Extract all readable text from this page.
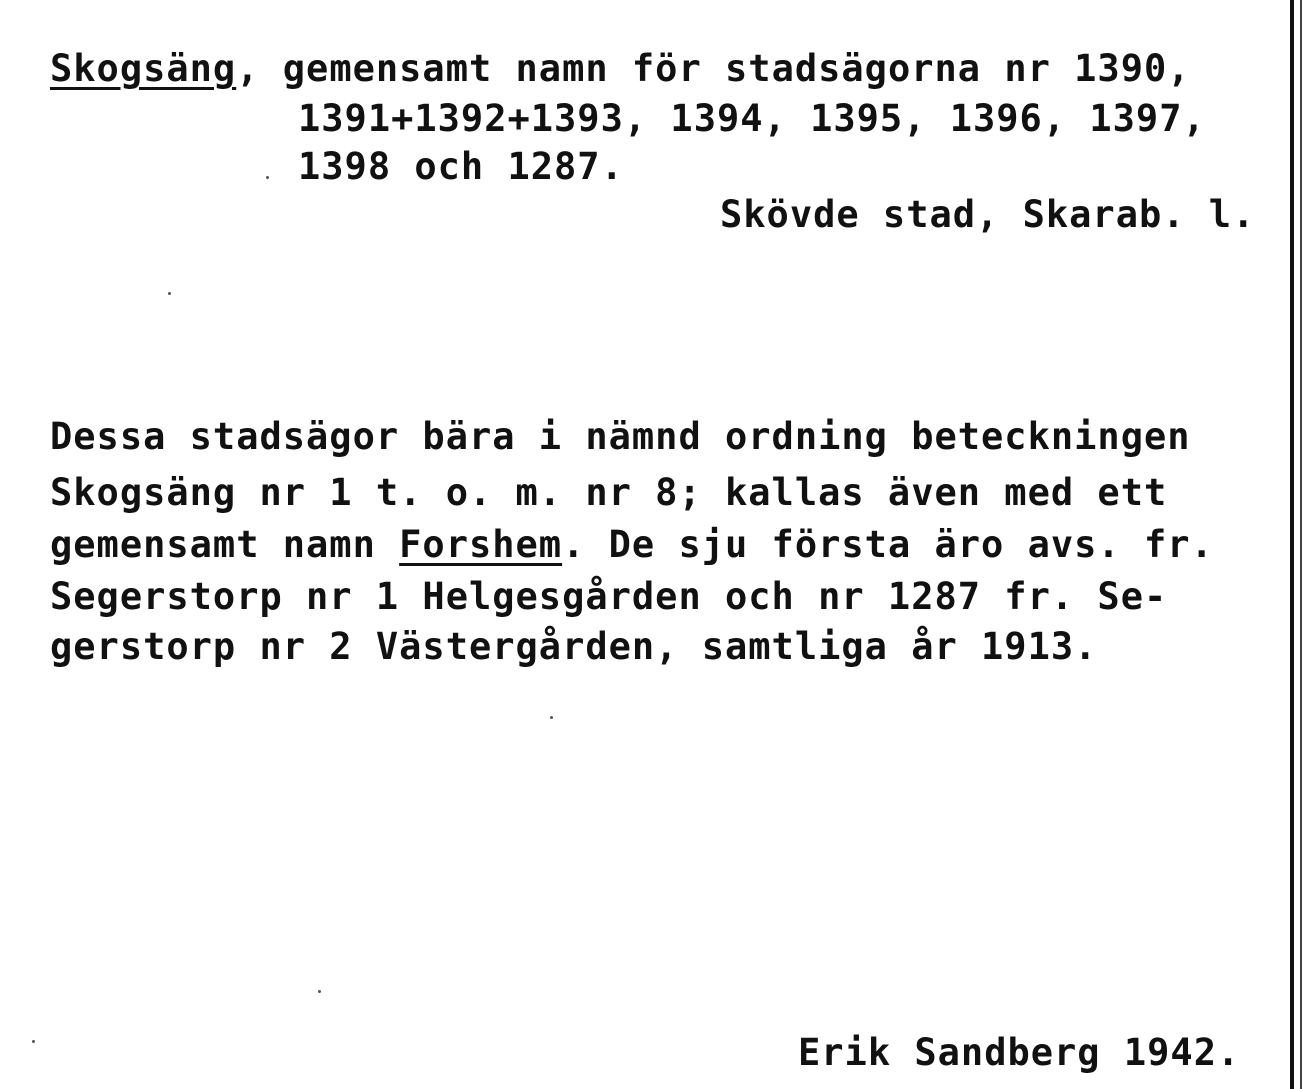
Skogsäng, gemensamt namn för stadsägorna nr 1390,
1391+1392+1393, 1394, 1395, 1396, 1397,
1398 och 1287.
Skövde stad, Skarab. l.
Dessa stadsägor bära i nämnd ordning beteckningen
Skogsäng nr 1 t. o. m. nr 8; kallas även med ett
gemensamt namn Forshem. De sju första äro avs. fr.
Segerstorp nr 1 Helgesgården och nr 1287 fr. Se-
gerstorp nr 2 Västergården, samtliga år 1913.
Erik Sandberg 1942.
